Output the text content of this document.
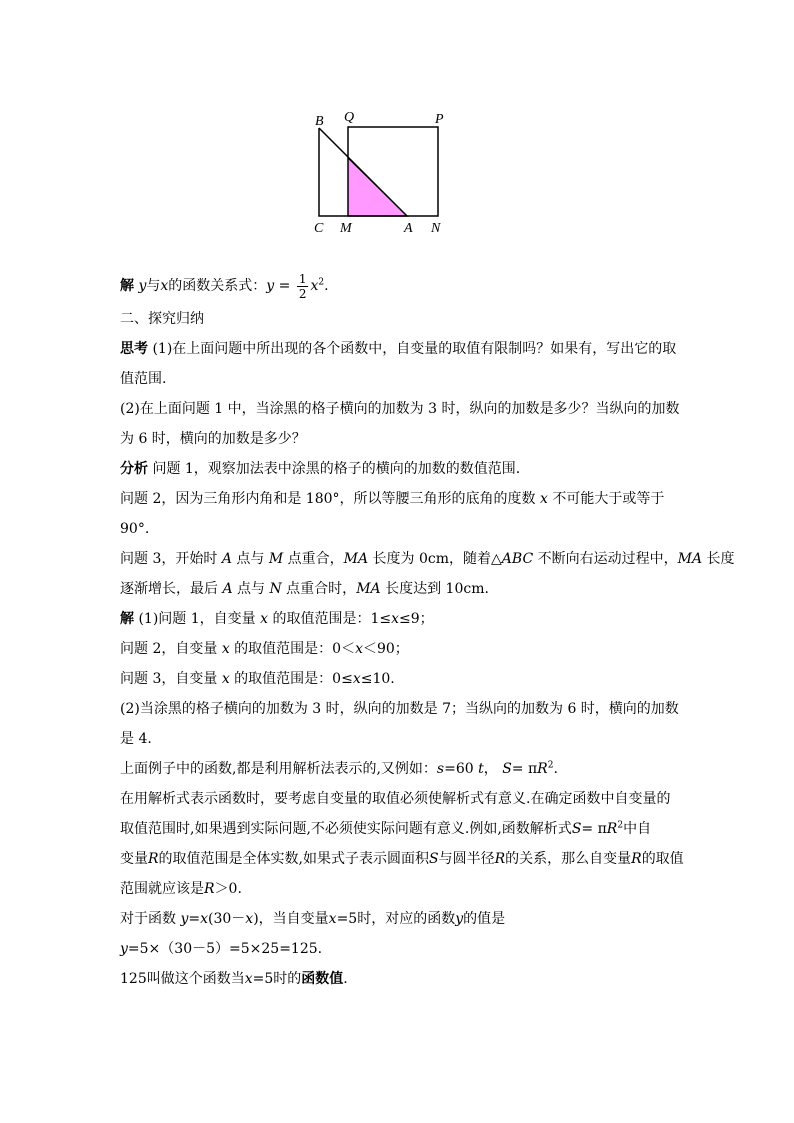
B Q	P
C M	A N
解 y与x的函数关系式：$y = \frac{1}{2} x^2$.
二、探究归纳
思考 (1)在上面问题中所出现的各个函数中，自变量的取值有限制吗？如果有，写出它的取
值范围.
(2)在上面问题 1 中，当涂黑的格子横向的加数为 3 时，纵向的加数是多少？当纵向的加数
为 6 时，横向的加数是多少？
分析 问题 1，观察加法表中涂黑的格子的横向的加数的数值范围.
问题 2，因为三角形内角和是 180°，所以等腰三角形的底角的度数 x 不可能大于或等于
90°.
问题 3，开始时 A 点与 M 点重合，MA 长度为 0cm，随着△ABC 不断向右运动过程中，MA 长度
逐渐增长，最后 A 点与 N 点重合时，MA 长度达到 10cm.
解 (1)问题 1，自变量 x 的取值范围是：1≤x≤9；
问题 2，自变量 x 的取值范围是：0＜x＜90；
问题 3，自变量 x 的取值范围是：0≤x≤10.
(2)当涂黑的格子横向的加数为 3 时，纵向的加数是 7；当纵向的加数为 6 时，横向的加数
是 4.
上面例子中的函数,都是利用解析法表示的,又例如：s=60 t， $S= \pi R^2$.
在用解析式表示函数时，要考虑自变量的取值必须使解析式有意义.在确定函数中自变量的
取值范围时,如果遇到实际问题,不必须使实际问题有意义.例如,函数解析式$S= \pi R^2$中自
变量R的取值范围是全体实数,如果式子表示圆面积S与圆半径R的关系，那么自变量R的取值
范围就应该是R＞0.
对于函数 y=x(30－x)，当自变量x=5时，对应的函数y的值是
y=5×（30－5）=5×25=125.
125叫做这个函数当x=5时的函数值.
